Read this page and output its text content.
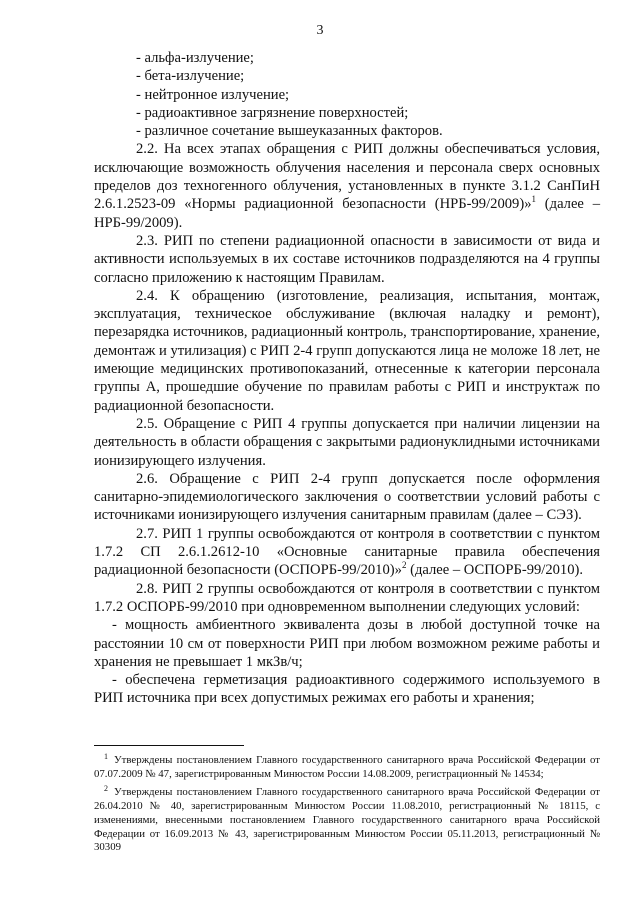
3
- альфа-излучение;
- бета-излучение;
- нейтронное излучение;
- радиоактивное загрязнение поверхностей;
- различное сочетание вышеуказанных факторов.

2.2. На всех этапах обращения с РИП должны обеспечиваться условия, исключающие возможность облучения населения и персонала сверх основных пределов доз техногенного облучения, установленных в пункте 3.1.2 СанПиН 2.6.1.2523-09 «Нормы радиационной безопасности (НРБ-99/2009)»$^1$ (далее – НРБ-99/2009).

2.3. РИП по степени радиационной опасности в зависимости от вида и активности используемых в их составе источников подразделяются на 4 группы согласно приложению к настоящим Правилам.

2.4. К обращению (изготовление, реализация, испытания, монтаж, эксплуатация, техническое обслуживание (включая наладку и ремонт), перезарядка источников, радиационный контроль, транспортирование, хранение, демонтаж и утилизация) с РИП 2-4 групп допускаются лица не моложе 18 лет, не имеющие медицинских противопоказаний, отнесенные к категории персонала группы А, прошедшие обучение по правилам работы с РИП и инструктаж по радиационной безопасности.

2.5. Обращение с РИП 4 группы допускается при наличии лицензии на деятельность в области обращения с закрытыми радионуклидными источниками ионизирующего излучения.

2.6. Обращение с РИП 2-4 групп допускается после оформления санитарно-эпидемиологического заключения о соответствии условий работы с источниками ионизирующего излучения санитарным правилам (далее – СЭЗ).

2.7. РИП 1 группы освобождаются от контроля в соответствии с пунктом 1.7.2 СП 2.6.1.2612-10 «Основные санитарные правила обеспечения радиационной безопасности (ОСПОРБ-99/2010)»$^2$ (далее – ОСПОРБ-99/2010).

2.8. РИП 2 группы освобождаются от контроля в соответствии с пунктом 1.7.2 ОСПОРБ-99/2010 при одновременном выполнении следующих условий:

- мощность амбиентного эквивалента дозы в любой доступной точке на расстоянии 10 см от поверхности РИП при любом возможном режиме работы и хранения не превышает 1 мкЗв/ч;

- обеспечена герметизация радиоактивного содержимого используемого в РИП источника при всех допустимых режимах его работы и хранения;

$^1$ Утверждены постановлением Главного государственного санитарного врача Российской Федерации от 07.07.2009 № 47, зарегистрированным Минюстом России 14.08.2009, регистрационный № 14534;

$^2$ Утверждены постановлением Главного государственного санитарного врача Российской Федерации от 26.04.2010 № 40, зарегистрированным Минюстом России 11.08.2010, регистрационный № 18115, с изменениями, внесенными постановлением Главного государственного санитарного врача Российской Федерации от 16.09.2013 № 43, зарегистрированным Минюстом России 05.11.2013, регистрационный № 30309
